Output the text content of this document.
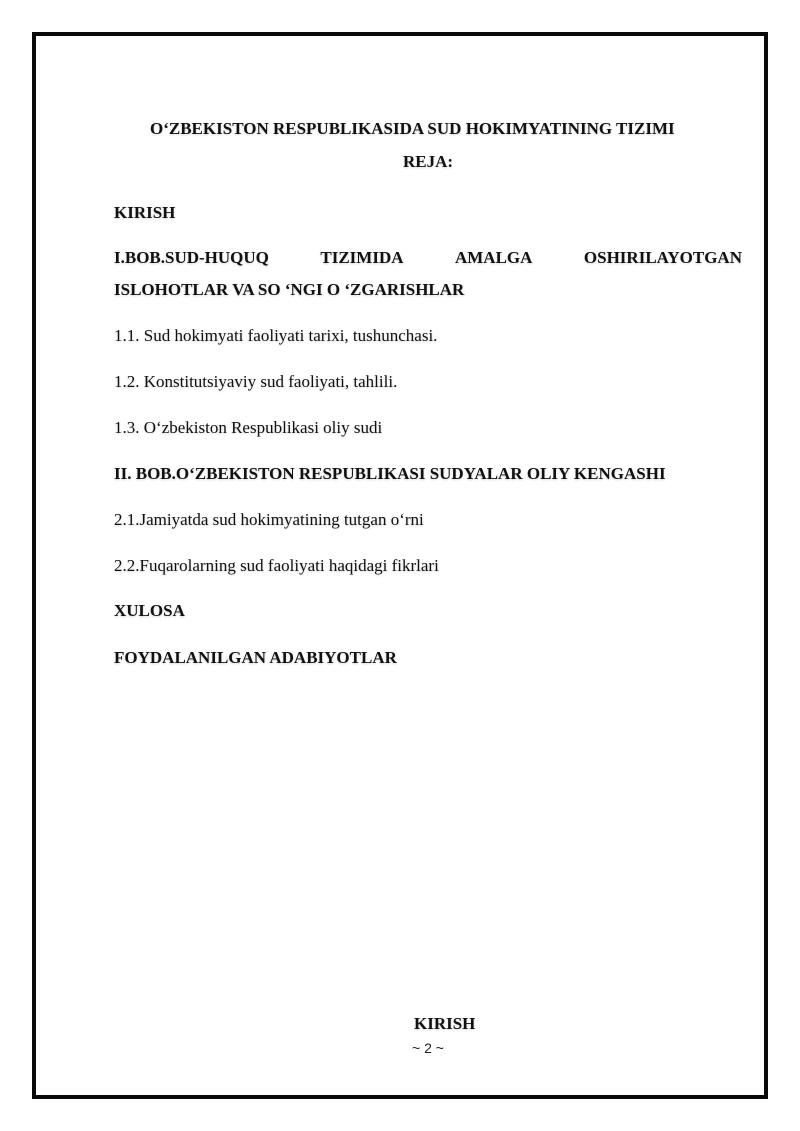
O‘ZBEKISTON RESPUBLIKASIDA SUD HOKIMYATINING TIZIMI
REJA:
KIRISH
I.BOB.SUD-HUQUQ	TIZIMIDA	AMALGA	OSHIRILAYOTGAN
ISLOHOTLAR VA SO ‘NGI O ‘ZGARISHLAR
1.1. Sud hokimyati faoliyati tarixi, tushunchasi.
1.2. Konstitutsiyaviy sud faoliyati, tahlili.
1.3. O‘zbekiston Respublikasi oliy sudi
II. BOB.O‘ZBEKISTON RESPUBLIKASI SUDYALAR OLIY KENGASHI
2.1.Jamiyatda sud hokimyatining tutgan o‘rni
2.2.Fuqarolarning sud faoliyati haqidagi fikrlari
XULOSA
FOYDALANILGAN ADABIYOTLAR
KIRISH
~ 2 ~
